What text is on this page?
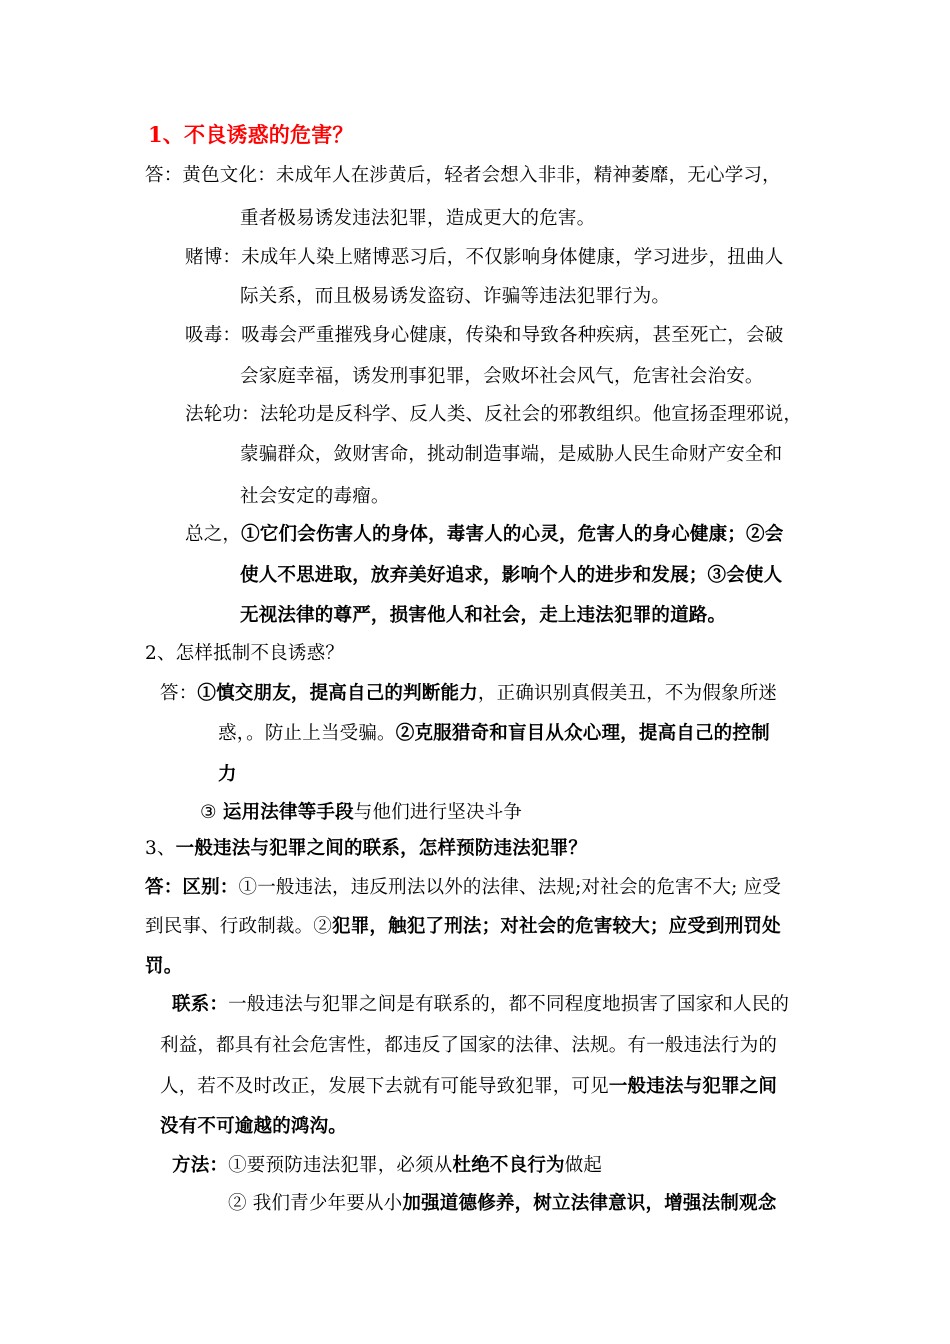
1、不良诱惑的危害？
答：黄色文化：未成年人在涉黄后，轻者会想入非非，精神萎靡，无心学习，
重者极易诱发违法犯罪，造成更大的危害。
赌博：未成年人染上赌博恶习后，不仅影响身体健康，学习进步，扭曲人
际关系，而且极易诱发盗窃、诈骗等违法犯罪行为。
吸毒：吸毒会严重摧残身心健康，传染和导致各种疾病，甚至死亡，会破
会家庭幸福，诱发刑事犯罪，会败坏社会风气，危害社会治安。
法轮功：法轮功是反科学、反人类、反社会的邪教组织。他宣扬歪理邪说，
蒙骗群众，敛财害命，挑动制造事端，是威胁人民生命财产安全和
社会安定的毒瘤。
总之，①它们会伤害人的身体，毒害人的心灵，危害人的身心健康；②会
使人不思进取，放弃美好追求，影响个人的进步和发展；③会使人
无视法律的尊严，损害他人和社会，走上违法犯罪的道路。
2、怎样抵制不良诱惑？
答：①慎交朋友，提高自己的判断能力，正确识别真假美丑，不为假象所迷
惑，。防止上当受骗。②克服猎奇和盲目从众心理，提高自己的控制
力
③ 运用法律等手段与他们进行坚决斗争
3、一般违法与犯罪之间的联系，怎样预防违法犯罪？
答：区别：①一般违法，违反刑法以外的法律、法规;对社会的危害不大; 应受
到民事、行政制裁。②犯罪，触犯了刑法；对社会的危害较大；应受到刑罚处
罚。
联系：一般违法与犯罪之间是有联系的，都不同程度地损害了国家和人民的
利益，都具有社会危害性，都违反了国家的法律、法规。有一般违法行为的
人，若不及时改正，发展下去就有可能导致犯罪，可见一般违法与犯罪之间
没有不可逾越的鸿沟。
方法：①要预防违法犯罪，必须从杜绝不良行为做起
② 我们青少年要从小加强道德修养，树立法律意识，增强法制观念
